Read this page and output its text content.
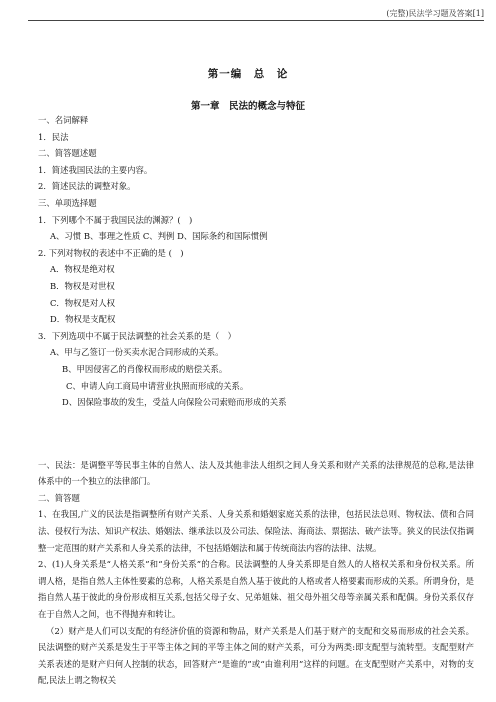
(完整)民法学习题及答案[1]
第一编　总　论
第一章　民法的概念与特征
一、名词解释
1．民法
二、简答题述题
1．简述我国民法的主要内容。
2．简述民法的调整对象。
三、单项选择题
1．下列哪个不属于我国民法的渊源？(　)
A、习惯 B、事理之性质 C、判例 D、国际条约和国际惯例
2. 下列对物权的表述中不正确的是 (　)
A．物权是绝对权
B．物权是对世权
C．物权是对人权
D．物权是支配权
3．下列选项中不属于民法调整的社会关系的是（　）
A、甲与乙签订一份买卖水泥合同形成的关系。
B、甲因侵害乙的肖像权而形成的赔偿关系。
C、申请人向工商局申请营业执照而形成的关系。
D、因保险事故的发生，受益人向保险公司索赔而形成的关系
一、民法：是调整平等民事主体的自然人、法人及其他非法人组织之间人身关系和财产关系的法律规范的总称,是法律体系中的一个独立的法律部门。
二、简答题
1、在我国,广义的民法是指调整所有财产关系、人身关系和婚姻家庭关系的法律，包括民法总则、物权法、债和合同法、侵权行为法、知识产权法、婚姻法、继承法以及公司法、保险法、海商法、票据法、破产法等。狭义的民法仅指调整一定范围的财产关系和人身关系的法律，不包括婚姻法和属于传统商法内容的法律、法规。
2、(1)人身关系是“人格关系”和“身份关系”的合称。民法调整的人身关系即是自然人的人格权关系和身份权关系。所谓人格，是指自然人主体性要素的总称，人格关系是自然人基于彼此的人格或者人格要素而形成的关系。所谓身份，是指自然人基于彼此的身份形成相互关系,包括父母子女、兄弟姐妹、祖父母外祖父母等亲属关系和配偶。身份关系仅存在于自然人之间，也不得抛弃和转让。
（2）财产是人们可以支配的有经济价值的资源和物品，财产关系是人们基于财产的支配和交易而形成的社会关系。民法调整的财产关系是发生于平等主体之间的平等主体之间的财产关系，可分为两类:即支配型与流转型。支配型财产关系表述的是财产归何人控制的状态，回答财产“是谁的”或“由谁利用”这样的问题。在支配型财产关系中，对物的支配,民法上谓之物权关
